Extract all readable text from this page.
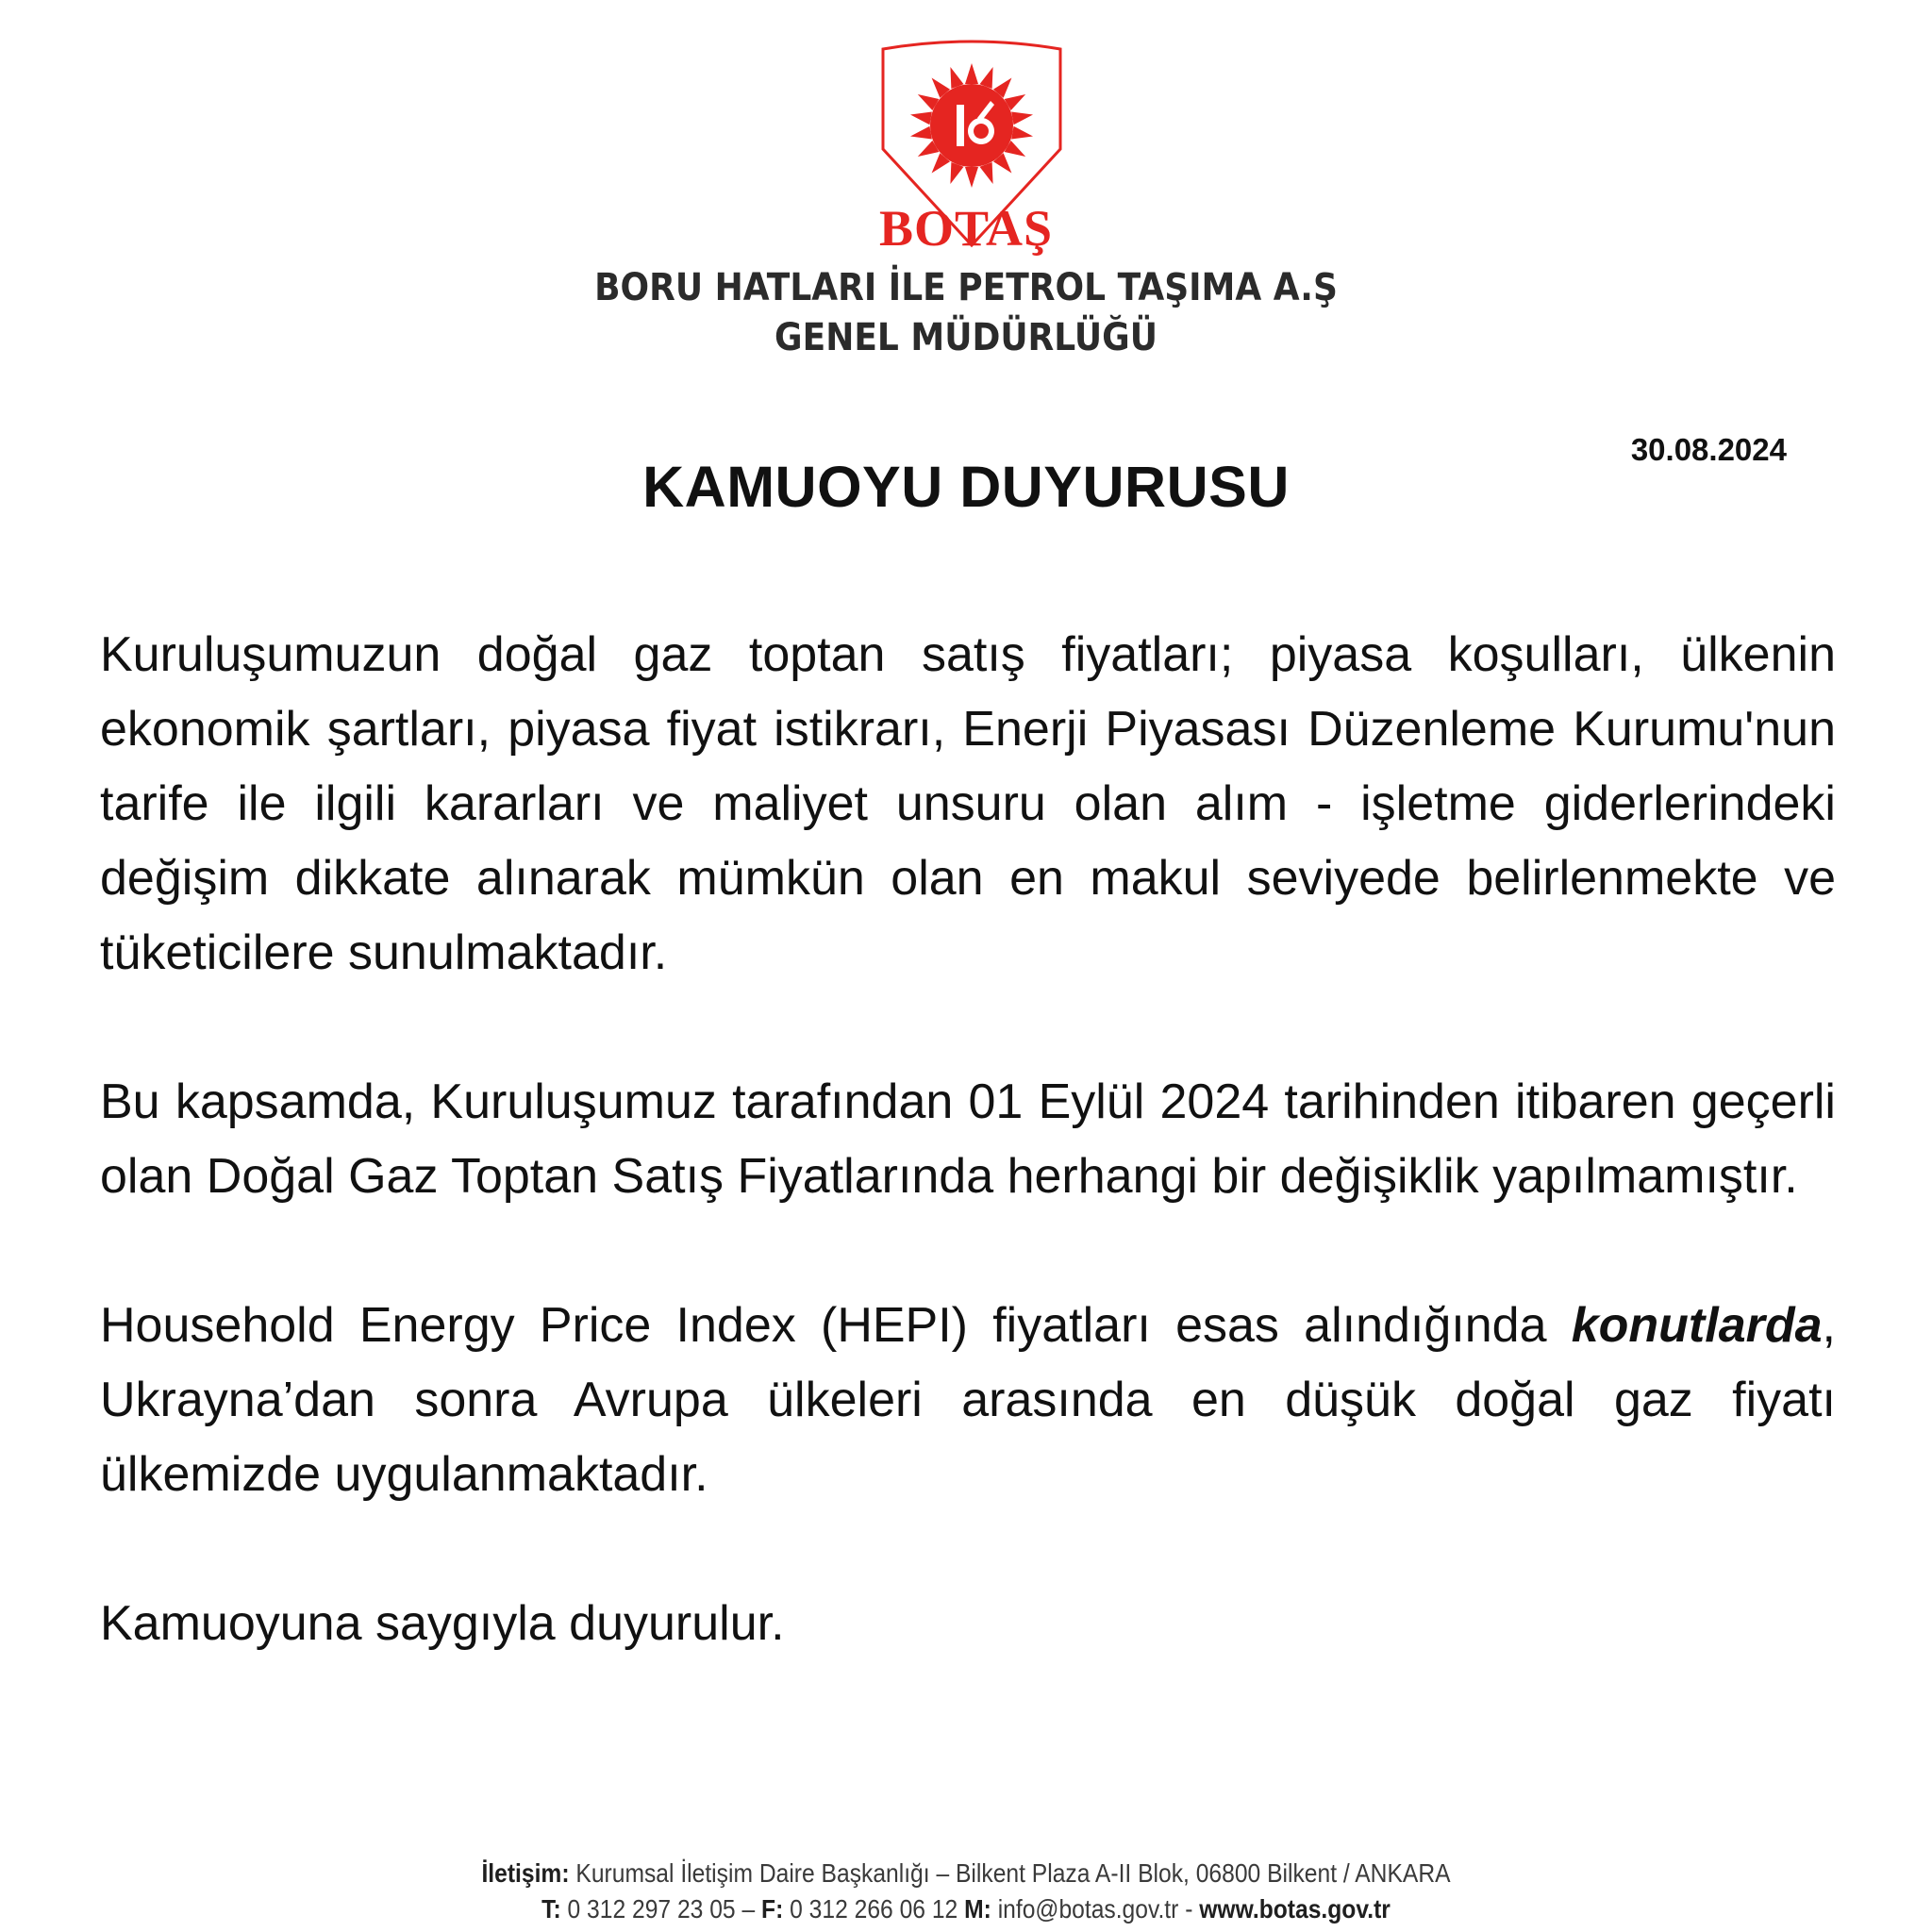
BOTAŞ
BORU HATLARI İLE PETROL TAŞIMA A.Ş
GENEL MÜDÜRLÜĞÜ
30.08.2024
KAMUOYU DUYURUSU

Kuruluşumuzun doğal gaz toptan satış fiyatları; piyasa koşulları, ülkenin ekonomik şartları, piyasa fiyat istikrarı, Enerji Piyasası Düzenleme Kurumu'nun tarife ile ilgili kararları ve maliyet unsuru olan alım - işletme giderlerindeki değişim dikkate alınarak mümkün olan en makul seviyede belirlenmekte ve tüketicilere sunulmaktadır.

Bu kapsamda, Kuruluşumuz tarafından 01 Eylül 2024 tarihinden itibaren geçerli olan Doğal Gaz Toptan Satış Fiyatlarında herhangi bir değişiklik yapılmamıştır.

Household Energy Price Index (HEPI) fiyatları esas alındığında konutlarda, Ukrayna’dan sonra Avrupa ülkeleri arasında en düşük doğal gaz fiyatı ülkemizde uygulanmaktadır.

Kamuoyuna saygıyla duyurulur.

İletişim: Kurumsal İletişim Daire Başkanlığı – Bilkent Plaza A-II Blok, 06800 Bilkent / ANKARA
T: 0 312 297 23 05 – F: 0 312 266 06 12 M: info@botas.gov.tr - www.botas.gov.tr
